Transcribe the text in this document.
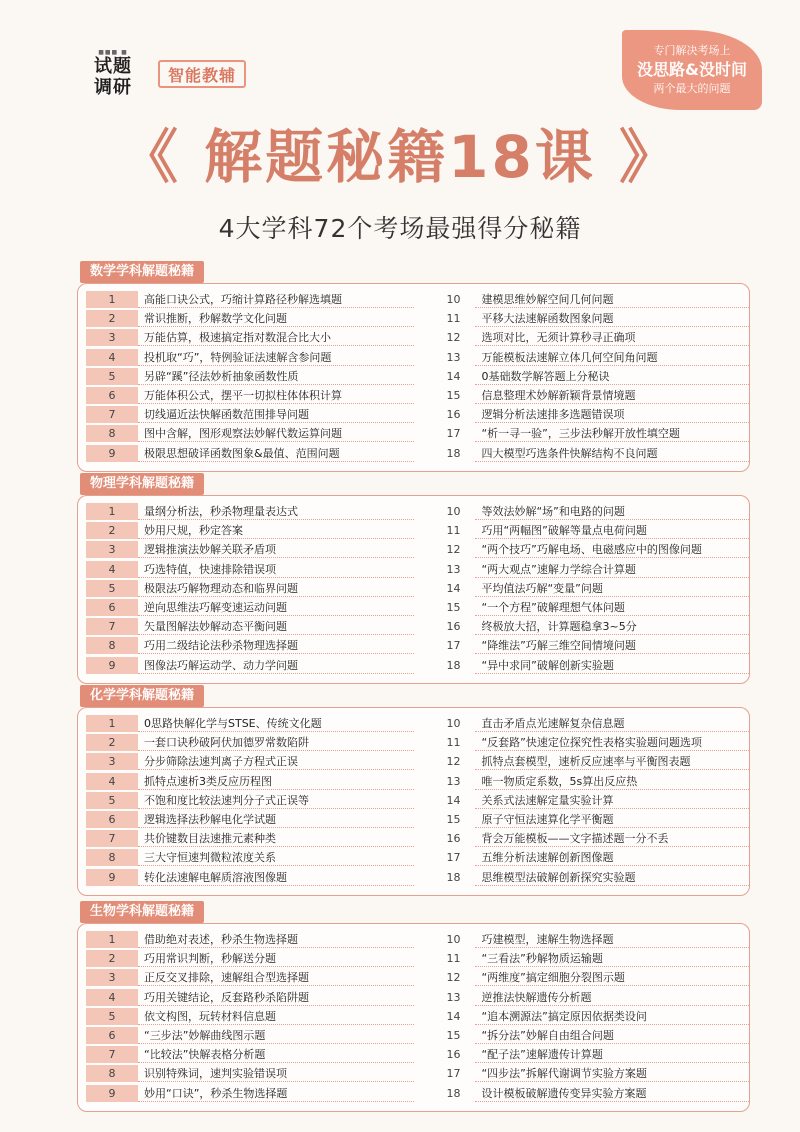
■■■ ■
试题
调研
智能教辅
专门解决考场上
没思路&没时间
两个最大的问题
《 解题秘籍18课 》
4大学科72个考场最强得分秘籍
数学学科解题秘籍
1	高能口诀公式，巧缩计算路径秒解选填题
2	常识推断，秒解数学文化问题
3	万能估算，极速搞定指对数混合比大小
4	投机取“巧”，特例验证法速解含参问题
5	另辟“蹊”径法妙析抽象函数性质
6	万能体积公式，摆平一切拟柱体体积计算
7	切线逼近法快解函数范围排导问题
8	图中含解，图形观察法妙解代数运算问题
9	极限思想破译函数图象&最值、范围问题
10	建模思维妙解空间几何问题
11	平移大法速解函数图象问题
12	选项对比，无须计算秒寻正确项
13	万能模板法速解立体几何空间角问题
14	0基础数学解答题上分秘诀
15	信息整理术妙解新颖背景情境题
16	逻辑分析法速排多选题错误项
17	“析一寻一验”，三步法秒解开放性填空题
18	四大模型巧选条件快解结构不良问题
物理学科解题秘籍
1	量纲分析法，秒杀物理量表达式
2	妙用尺规，秒定答案
3	逻辑推演法妙解关联矛盾项
4	巧选特值，快速排除错误项
5	极限法巧解物理动态和临界问题
6	逆向思维法巧解变速运动问题
7	矢量图解法妙解动态平衡问题
8	巧用二级结论法秒杀物理选择题
9	图像法巧解运动学、动力学问题
10	等效法妙解“场”和电路的问题
11	巧用“两幅图”破解等量点电荷问题
12	“两个技巧”巧解电场、电磁感应中的图像问题
13	“两大观点”速解力学综合计算题
14	平均值法巧解“变量”问题
15	“一个方程”破解理想气体问题
16	终极放大招，计算题稳拿3~5分
17	“降维法”巧解三维空间情境问题
18	“异中求同”破解创新实验题
化学学科解题秘籍
1	0思路快解化学与STSE、传统文化题
2	一套口诀秒破阿伏加德罗常数陷阱
3	分步筛除法速判离子方程式正误
4	抓特点速析3类反应历程图
5	不饱和度比较法速判分子式正误等
6	逻辑选择法秒解电化学试题
7	共价键数目法速推元素种类
8	三大守恒速判微粒浓度关系
9	转化法速解电解质溶液图像题
10	直击矛盾点光速解复杂信息题
11	“反套路”快速定位探究性表格实验题问题选项
12	抓特点套模型，速析反应速率与平衡图表题
13	唯一物质定系数，5s算出反应热
14	关系式法速解定量实验计算
15	原子守恒法速算化学平衡题
16	背会万能模板——文字描述题一分不丢
17	五维分析法速解创新图像题
18	思维模型法破解创新探究实验题
生物学科解题秘籍
1	借助绝对表述，秒杀生物选择题
2	巧用常识判断，秒解送分题
3	正反交叉排除，速解组合型选择题
4	巧用关键结论，反套路秒杀陷阱题
5	依文构图，玩转材料信息题
6	“三步法”妙解曲线图示题
7	“比较法”快解表格分析题
8	识别特殊词，速判实验错误项
9	妙用“口诀”，秒杀生物选择题
10	巧建模型，速解生物选择题
11	“三看法”秒解物质运输题
12	“两维度”搞定细胞分裂图示题
13	逆推法快解遗传分析题
14	“追本溯源法”搞定原因依据类设问
15	“拆分法”妙解自由组合问题
16	“配子法”速解遗传计算题
17	“四步法”拆解代谢调节实验方案题
18	设计模板破解遗传变异实验方案题
